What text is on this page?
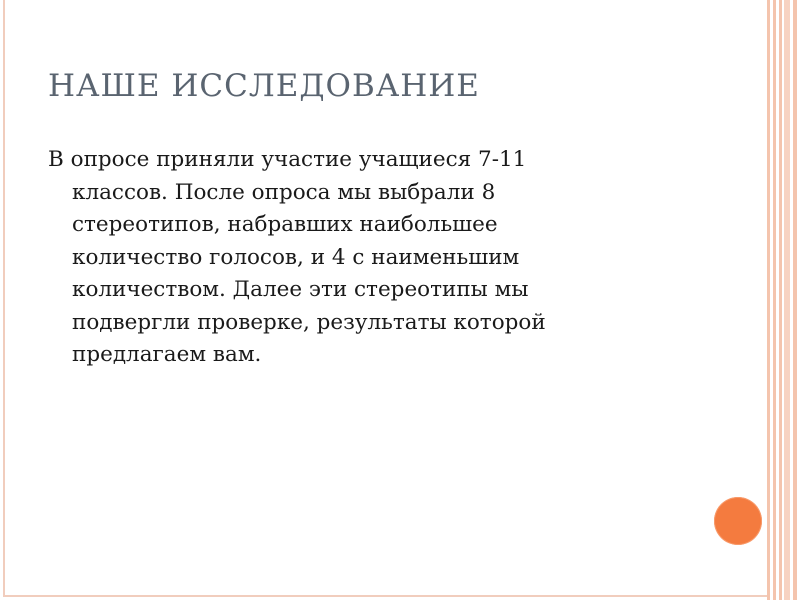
НАШЕ ИССЛЕДОВАНИЕ
В опросе приняли участие учащиеся 7-11 классов. После опроса мы выбрали 8 стереотипов, набравших наибольшее количество голосов, и 4 с наименьшим количеством. Далее эти стереотипы мы подвергли проверке, результаты которой предлагаем вам.
